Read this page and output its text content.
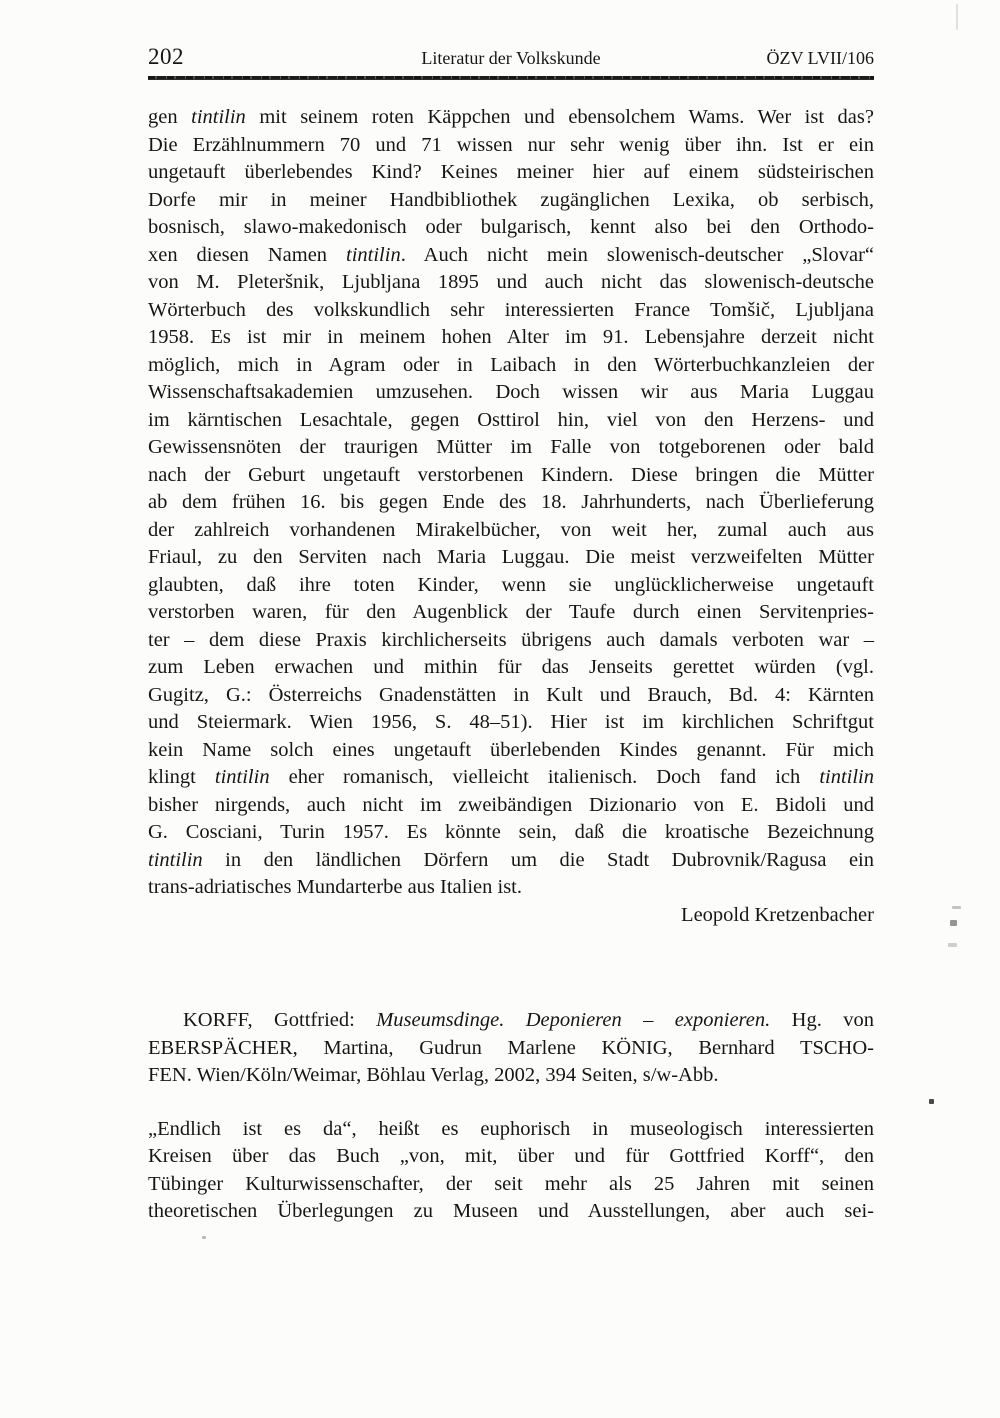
202	Literatur der Volkskunde	ÖZV LVII/106
gen tintilin mit seinem roten Käppchen und ebensolchem Wams. Wer ist das?
Die Erzählnummern 70 und 71 wissen nur sehr wenig über ihn. Ist er ein
ungetauft überlebendes Kind? Keines meiner hier auf einem südsteirischen
Dorfe mir in meiner Handbibliothek zugänglichen Lexika, ob serbisch,
bosnisch, slawo-makedonisch oder bulgarisch, kennt also bei den Orthodo-
xen diesen Namen tintilin. Auch nicht mein slowenisch-deutscher „Slovar“
von M. Pleteršnik, Ljubljana 1895 und auch nicht das slowenisch-deutsche
Wörterbuch des volkskundlich sehr interessierten France Tomšič, Ljubljana
1958. Es ist mir in meinem hohen Alter im 91. Lebensjahre derzeit nicht
möglich, mich in Agram oder in Laibach in den Wörterbuchkanzleien der
Wissenschaftsakademien umzusehen. Doch wissen wir aus Maria Luggau
im kärntischen Lesachtale, gegen Osttirol hin, viel von den Herzens- und
Gewissensnöten der traurigen Mütter im Falle von totgeborenen oder bald
nach der Geburt ungetauft verstorbenen Kindern. Diese bringen die Mütter
ab dem frühen 16. bis gegen Ende des 18. Jahrhunderts, nach Überlieferung
der zahlreich vorhandenen Mirakelbücher, von weit her, zumal auch aus
Friaul, zu den Serviten nach Maria Luggau. Die meist verzweifelten Mütter
glaubten, daß ihre toten Kinder, wenn sie unglücklicherweise ungetauft
verstorben waren, für den Augenblick der Taufe durch einen Servitenpries-
ter – dem diese Praxis kirchlicherseits übrigens auch damals verboten war –
zum Leben erwachen und mithin für das Jenseits gerettet würden (vgl.
Gugitz, G.: Österreichs Gnadenstätten in Kult und Brauch, Bd. 4: Kärnten
und Steiermark. Wien 1956, S. 48–51). Hier ist im kirchlichen Schriftgut
kein Name solch eines ungetauft überlebenden Kindes genannt. Für mich
klingt tintilin eher romanisch, vielleicht italienisch. Doch fand ich tintilin
bisher nirgends, auch nicht im zweibändigen Dizionario von E. Bidoli und
G. Cosciani, Turin 1957. Es könnte sein, daß die kroatische Bezeichnung
tintilin in den ländlichen Dörfern um die Stadt Dubrovnik/Ragusa ein
trans-adriatisches Mundarterbe aus Italien ist.
Leopold Kretzenbacher
KORFF, Gottfried: Museumsdinge. Deponieren – exponieren. Hg. von
EBERSPÄCHER, Martina, Gudrun Marlene KÖNIG, Bernhard TSCHO-
FEN. Wien/Köln/Weimar, Böhlau Verlag, 2002, 394 Seiten, s/w-Abb.
„Endlich ist es da“, heißt es euphorisch in museologisch interessierten
Kreisen über das Buch „von, mit, über und für Gottfried Korff“, den
Tübinger Kulturwissenschafter, der seit mehr als 25 Jahren mit seinen
theoretischen Überlegungen zu Museen und Ausstellungen, aber auch sei-
